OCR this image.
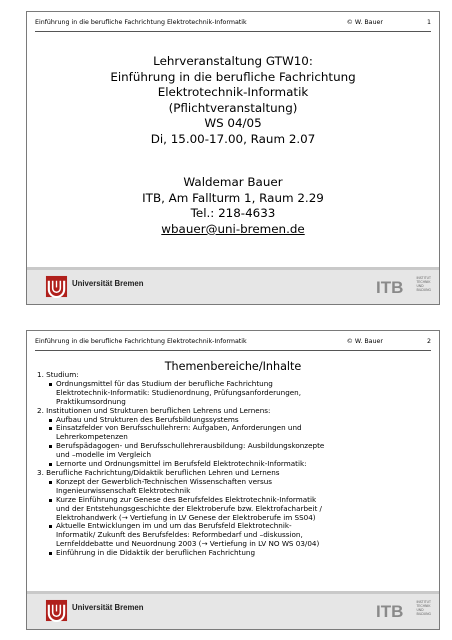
Einführung in die berufliche Fachrichtung Elektrotechnik-Informatik	© W. Bauer	1
Lehrveranstaltung GTW10:
Einführung in die berufliche Fachrichtung
Elektrotechnik-Informatik
(Pflichtveranstaltung)
WS 04/05
Di, 15.00-17.00, Raum 2.07
Waldemar Bauer
ITB, Am Fallturm 1, Raum 2.29
Tel.: 218-4633
wbauer@uni-bremen.de
Universität Bremen	ITB	INSTITUT
TECHNIK
UND
BILDUNG
Einführung in die berufliche Fachrichtung Elektrotechnik-Informatik	© W. Bauer	2
Themenbereiche/Inhalte
1. Studium:
Ordnungsmittel für das Studium der berufliche Fachrichtung
Elektrotechnik-Informatik: Studienordnung, Prüfungsanforderungen,
Praktikumsordnung
2. Institutionen und Strukturen beruflichen Lehrens und Lernens:
Aufbau und Strukturen des Berufsbildungssystems
Einsatzfelder von Berufsschullehrern: Aufgaben, Anforderungen und
Lehrerkompetenzen
Berufspädagogen- und Berufsschullehrerausbildung: Ausbildungskonzepte
und –modelle im Vergleich
Lernorte und Ordnungsmittel im Berufsfeld Elektrotechnik-Informatik:
3. Berufliche Fachrichtung/Didaktik beruflichen Lehren und Lernens
Konzept der Gewerblich-Technischen Wissenschaften versus
Ingenieurwissenschaft Elektrotechnik
Kurze Einführung zur Genese des Berufsfeldes Elektrotechnik-Informatik
und der Entstehungsgeschichte der Elektroberufe bzw. Elektrofacharbeit /
Elektrohandwerk (→ Vertiefung in LV Genese der Elektroberufe im SS04)
Aktuelle Entwicklungen im und um das Berufsfeld Elektrotechnik-
Informatik/ Zukunft des Berufsfeldes: Reformbedarf und –diskussion,
Lernfelddebatte und Neuordnung 2003 (→ Vertiefung in LV NO WS 03/04)
Einführung in die Didaktik der beruflichen Fachrichtung
Universität Bremen	ITB	INSTITUT
TECHNIK
UND
BILDUNG
